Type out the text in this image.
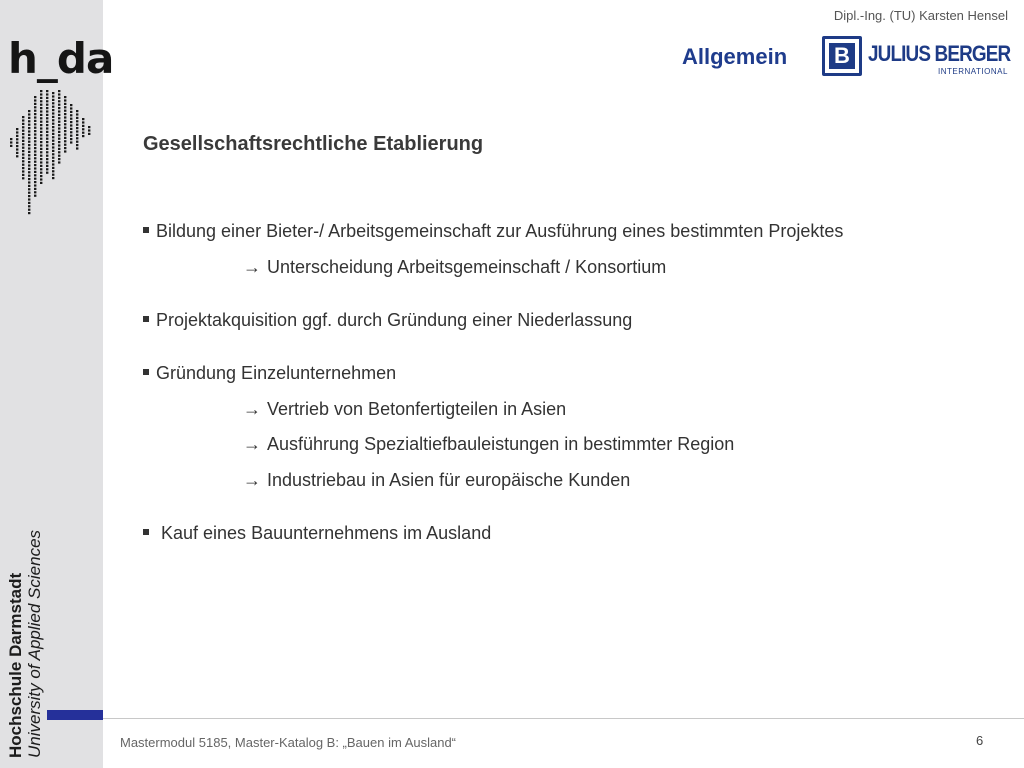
h_da
Hochschule Darmstadt University of Applied Sciences
Dipl.-Ing. (TU) Karsten Hensel
Allgemein B JULIUS BERGER
INTERNATIONAL
Gesellschaftsrechtliche Etablierung
Bildung einer Bieter-/ Arbeitsgemeinschaft zur Ausführung eines bestimmten Projektes
→ Unterscheidung Arbeitsgemeinschaft / Konsortium
Projektakquisition ggf. durch Gründung einer Niederlassung
Gründung Einzelunternehmen
→ Vertrieb von Betonfertigteilen in Asien
→ Ausführung Spezialtiefbauleistungen in bestimmter Region
→ Industriebau in Asien für europäische Kunden
Kauf eines Bauunternehmens im Ausland
Mastermodul 5185, Master-Katalog B: „Bauen im Ausland“	6
